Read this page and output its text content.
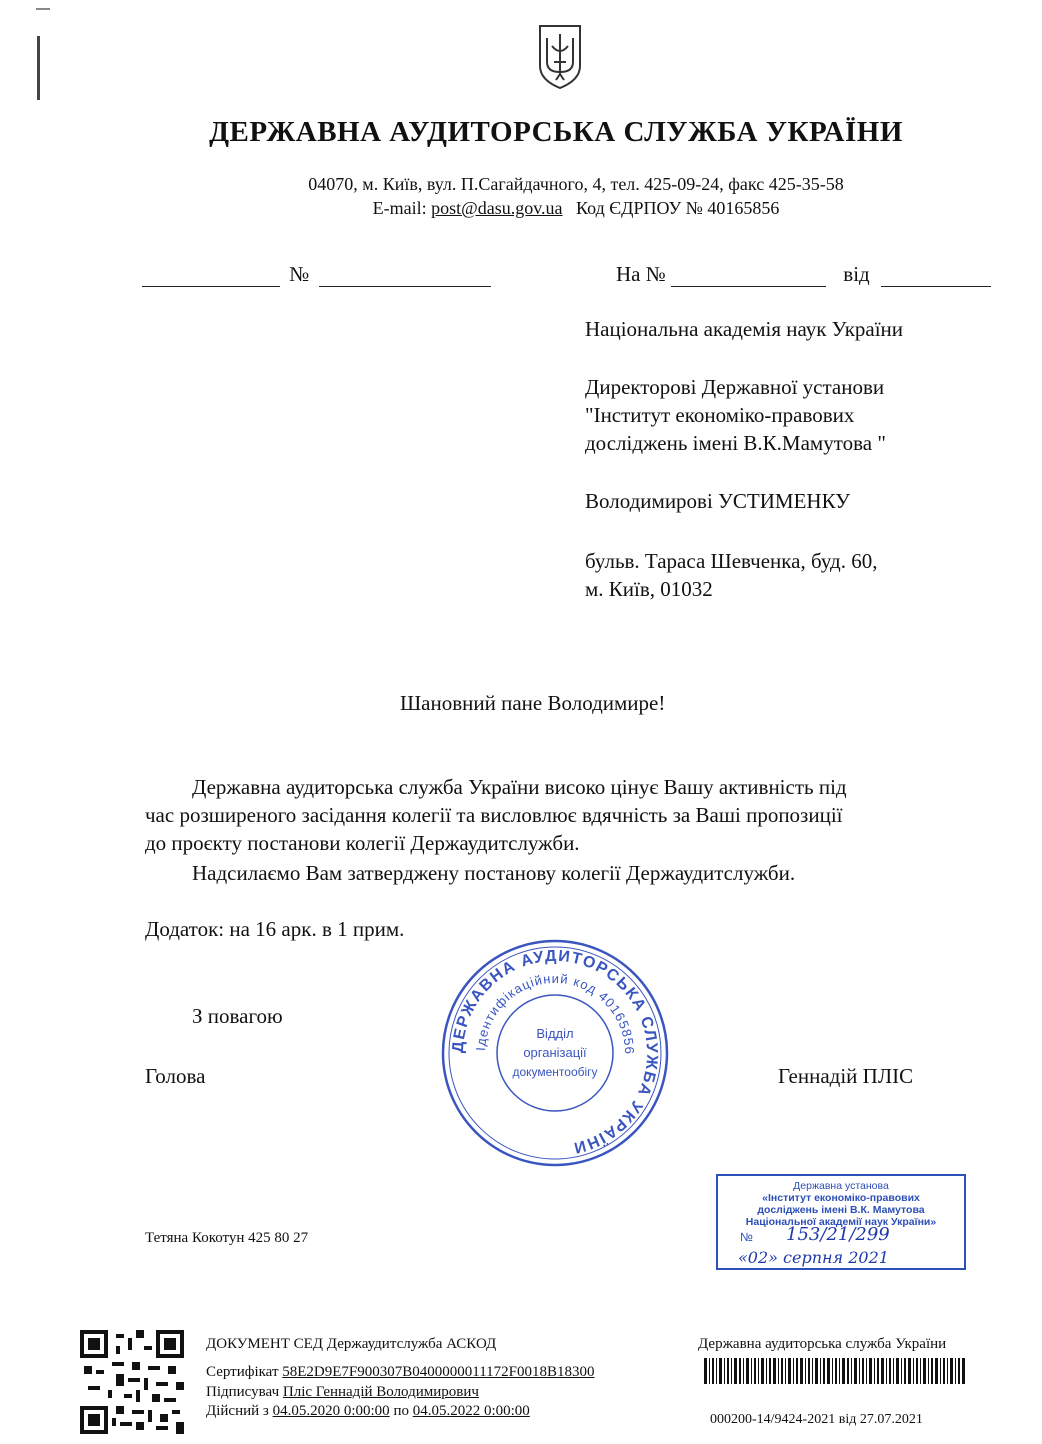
ДЕРЖАВНА АУДИТОРСЬКА СЛУЖБА УКРАЇНИ
04070, м. Київ, вул. П.Сагайдачного, 4, тел. 425-09-24, факс 425-35-58
E-mail: post@dasu.gov.ua Код ЄДРПОУ № 40165856
№	На №	від
Національна академія наук України
Директорові Державної установи
"Інститут економіко-правових
досліджень імені В.К.Мамутова "
Володимирові УСТИМЕНКУ
бульв. Тараса Шевченка, буд. 60,
м. Київ, 01032
Шановний пане Володимире!
Державна аудиторська служба України високо цінує Вашу активність під
час розширеного засідання колегії та висловлює вдячність за Ваші пропозиції
до проєкту постанови колегії Держаудитслужби.
Надсилаємо Вам затверджену постанову колегії Держаудитслужби.
Додаток: на 16 арк. в 1 прим.
З повагою
Голова	Геннадій ПЛІС
ДЕРЖАВНА АУДИТОРСЬКА СЛУЖБА УКРАЇНИ
Ідентифікаційний код 40165856
Відділ
організації
документообігу
Державна установа
«Інститут економіко-правових
досліджень імені В.К. Мамутова
Національної академії наук України»
№ 153/21/299
«02» серпня 2021
Тетяна Кокотун 425 80 27
ДОКУМЕНТ СЕД Держаудитслужба АСКОД
Сертифікат 58E2D9E7F900307B0400000011172F0018B18300
Підписувач Пліс Геннадій Володимирович
Дійсний з 04.05.2020 0:00:00 по 04.05.2022 0:00:00
Державна аудиторська служба України
000200-14/9424-2021 від 27.07.2021
